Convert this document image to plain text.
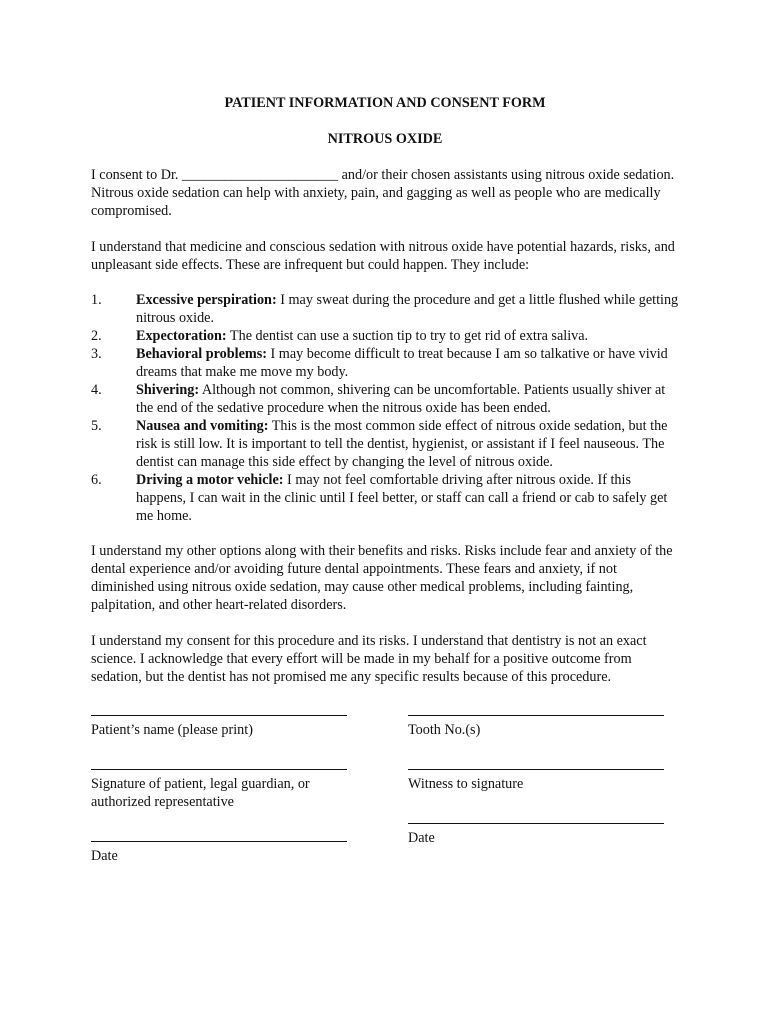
PATIENT INFORMATION AND CONSENT FORM
NITROUS OXIDE
I consent to Dr. ______________________ and/or their chosen assistants using nitrous oxide sedation. Nitrous oxide sedation can help with anxiety, pain, and gagging as well as people who are medically compromised.
I understand that medicine and conscious sedation with nitrous oxide have potential hazards, risks, and unpleasant side effects. These are infrequent but could happen. They include:
1.	Excessive perspiration: I may sweat during the procedure and get a little flushed while getting nitrous oxide.
2.	Expectoration: The dentist can use a suction tip to try to get rid of extra saliva.
3.	Behavioral problems: I may become difficult to treat because I am so talkative or have vivid dreams that make me move my body.
4.	Shivering: Although not common, shivering can be uncomfortable. Patients usually shiver at the end of the sedative procedure when the nitrous oxide has been ended.
5.	Nausea and vomiting: This is the most common side effect of nitrous oxide sedation, but the risk is still low. It is important to tell the dentist, hygienist, or assistant if I feel nauseous. The dentist can manage this side effect by changing the level of nitrous oxide.
6.	Driving a motor vehicle: I may not feel comfortable driving after nitrous oxide. If this happens, I can wait in the clinic until I feel better, or staff can call a friend or cab to safely get me home.
I understand my other options along with their benefits and risks. Risks include fear and anxiety of the dental experience and/or avoiding future dental appointments. These fears and anxiety, if not diminished using nitrous oxide sedation, may cause other medical problems, including fainting, palpitation, and other heart-related disorders.
I understand my consent for this procedure and its risks. I understand that dentistry is not an exact science. I acknowledge that every effort will be made in my behalf for a positive outcome from sedation, but the dentist has not promised me any specific results because of this procedure.
Patient’s name (please print)
Signature of patient, legal guardian, or authorized representative
Date
Tooth No.(s)
Witness to signature
Date
